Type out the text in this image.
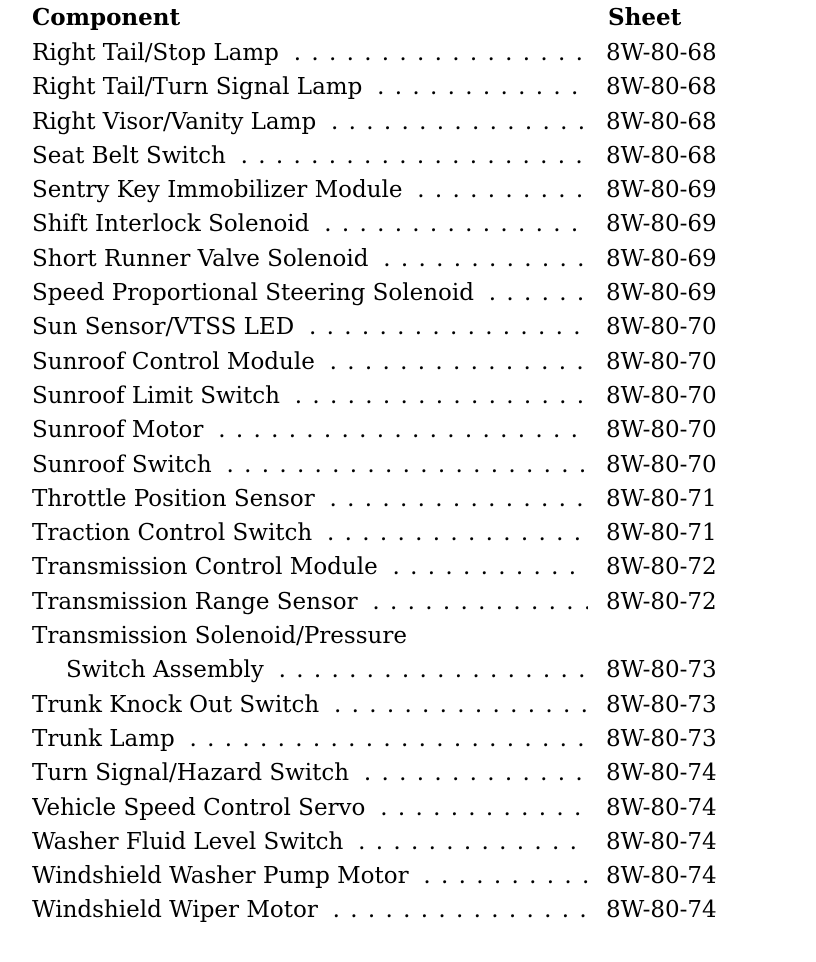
Component	Sheet
Right Tail/Stop Lamp . . .	8W-80-68
Right Tail/Turn Signal Lamp . . .	8W-80-68
Right Visor/Vanity Lamp . . .	8W-80-68
Seat Belt Switch . . .	8W-80-68
Sentry Key Immobilizer Module . . .	8W-80-69
Shift Interlock Solenoid . . .	8W-80-69
Short Runner Valve Solenoid . . .	8W-80-69
Speed Proportional Steering Solenoid . . .	8W-80-69
Sun Sensor/VTSS LED . . .	8W-80-70
Sunroof Control Module . . .	8W-80-70
Sunroof Limit Switch . . .	8W-80-70
Sunroof Motor . . .	8W-80-70
Sunroof Switch . . .	8W-80-70
Throttle Position Sensor . . .	8W-80-71
Traction Control Switch . . .	8W-80-71
Transmission Control Module . . .	8W-80-72
Transmission Range Sensor . . .	8W-80-72
Transmission Solenoid/Pressure
Switch Assembly . . .	8W-80-73
Trunk Knock Out Switch . . .	8W-80-73
Trunk Lamp . . .	8W-80-73
Turn Signal/Hazard Switch . . .	8W-80-74
Vehicle Speed Control Servo . . .	8W-80-74
Washer Fluid Level Switch . . .	8W-80-74
Windshield Washer Pump Motor . . .	8W-80-74
Windshield Wiper Motor . . .	8W-80-74
